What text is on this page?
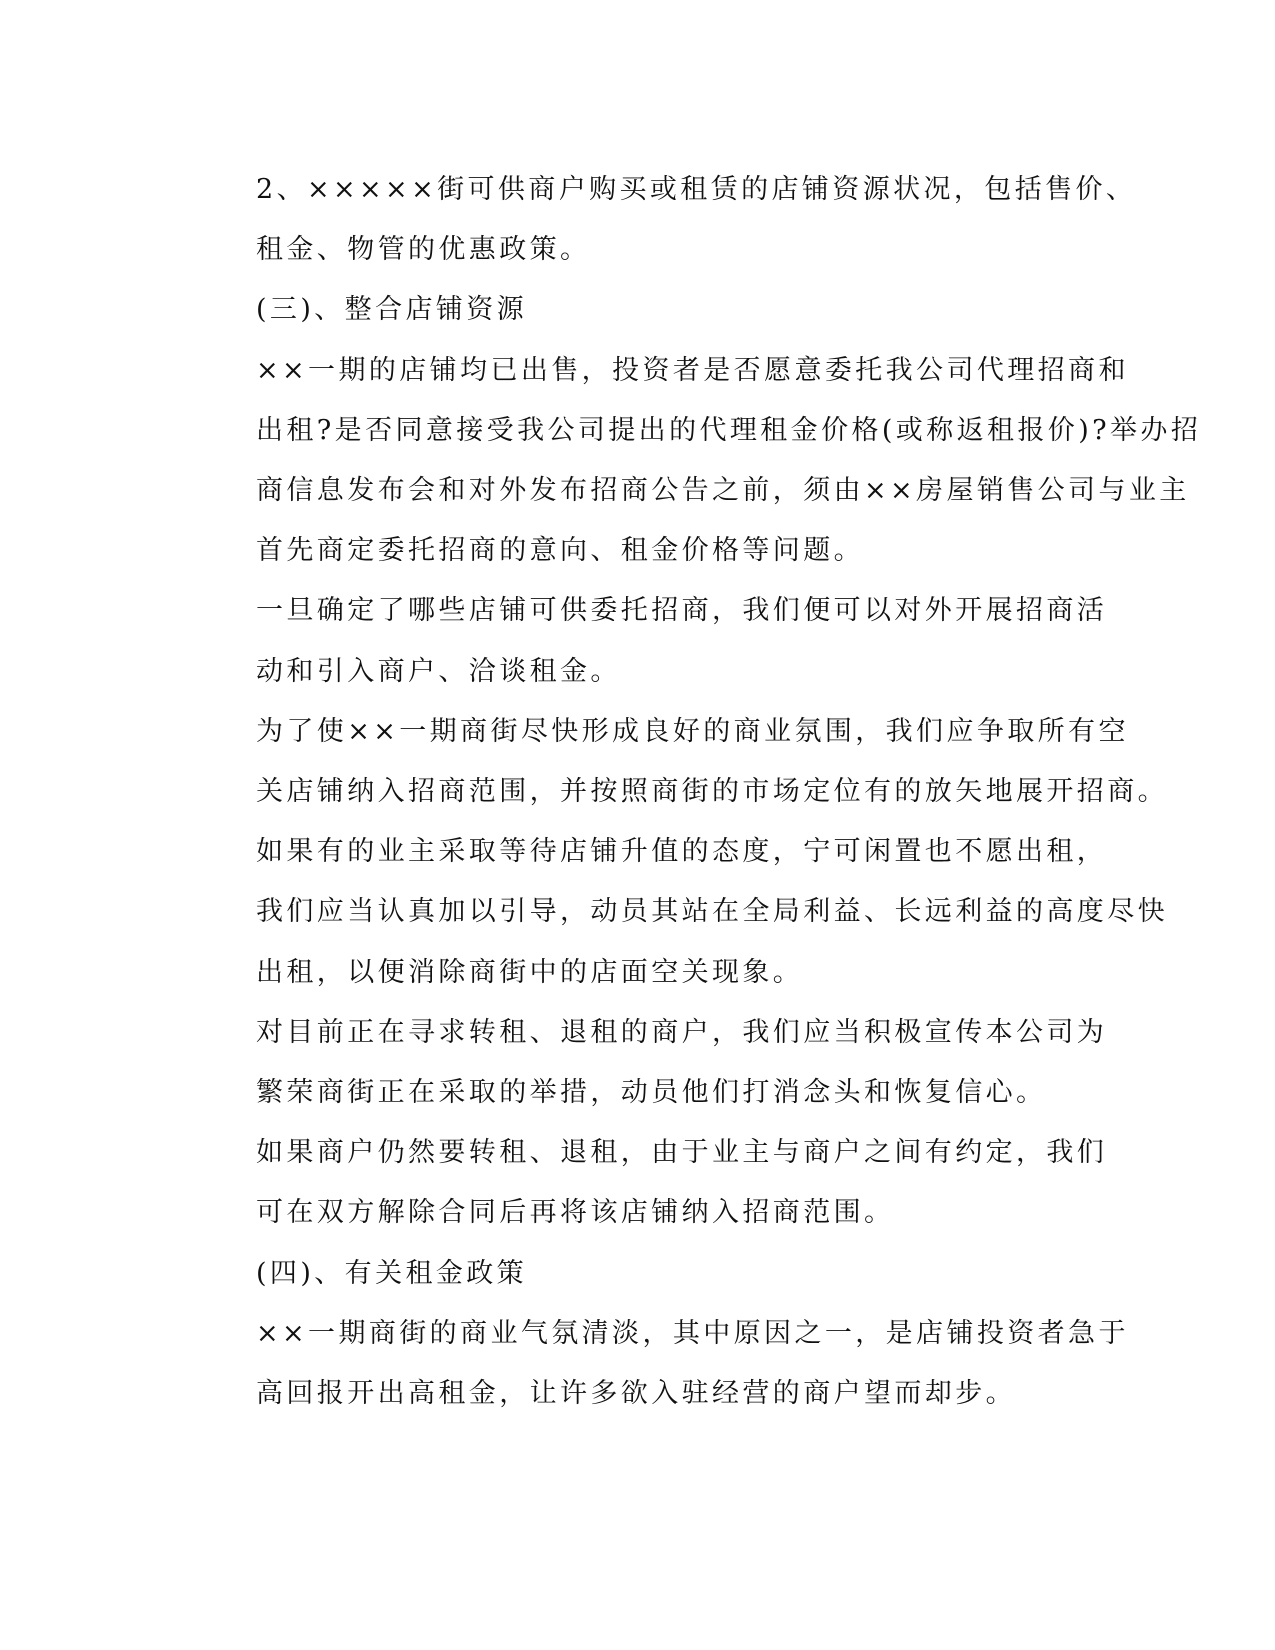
2、×××××街可供商户购买或租赁的店铺资源状况，包括售价、
租金、物管的优惠政策。

(三)、整合店铺资源

××一期的店铺均已出售，投资者是否愿意委托我公司代理招商和
出租?是否同意接受我公司提出的代理租金价格(或称返租报价)?举办招
商信息发布会和对外发布招商公告之前，须由××房屋销售公司与业主
首先商定委托招商的意向、租金价格等问题。

一旦确定了哪些店铺可供委托招商，我们便可以对外开展招商活
动和引入商户、洽谈租金。

为了使××一期商街尽快形成良好的商业氛围，我们应争取所有空
关店铺纳入招商范围，并按照商街的市场定位有的放矢地展开招商。

如果有的业主采取等待店铺升值的态度，宁可闲置也不愿出租，
我们应当认真加以引导，动员其站在全局利益、长远利益的高度尽快
出租，以便消除商街中的店面空关现象。

对目前正在寻求转租、退租的商户，我们应当积极宣传本公司为
繁荣商街正在采取的举措，动员他们打消念头和恢复信心。

如果商户仍然要转租、退租，由于业主与商户之间有约定，我们
可在双方解除合同后再将该店铺纳入招商范围。

(四)、有关租金政策

××一期商街的商业气氛清淡，其中原因之一，是店铺投资者急于
高回报开出高租金，让许多欲入驻经营的商户望而却步。
